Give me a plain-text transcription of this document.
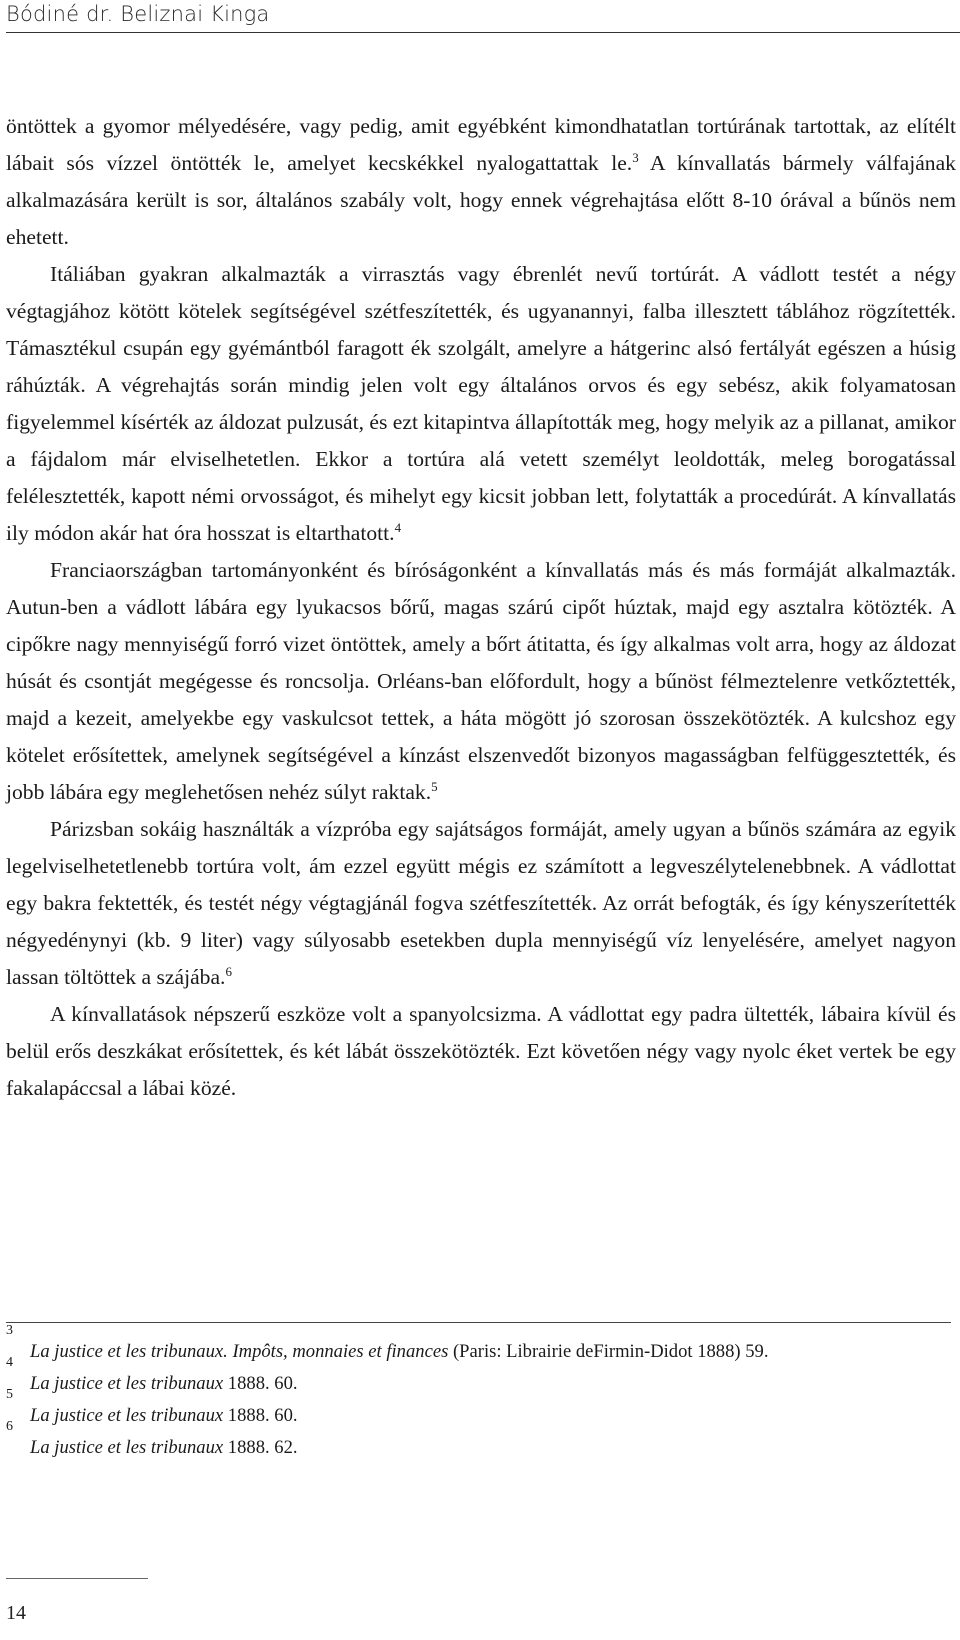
Bódiné dr. Beliznai Kinga

öntöttek a gyomor mélyedésére, vagy pedig, amit egyébként kimondhatatlan tortúrának tartottak, az elítélt lábait sós vízzel öntötték le, amelyet kecskékkel nyalogattattak le.$^3$ A kínvallatás bármely válfajának alkalmazására került is sor, általános szabály volt, hogy ennek végrehajtása előtt 8-10 órával a bűnös nem ehetett.

Itáliában gyakran alkalmazták a virrasztás vagy ébrenlét nevű tortúrát. A vádlott testét a négy végtagjához kötött kötelek segítségével szétfeszítették, és ugyanannyi, falba illesztett táblához rögzítették. Támasztékul csupán egy gyémántból faragott ék szolgált, amelyre a hátgerinc alsó fertályát egészen a húsig ráhúzták. A végrehajtás során mindig jelen volt egy általános orvos és egy sebész, akik folyamatosan figyelemmel kísérték az áldozat pulzusát, és ezt kitapintva állapították meg, hogy melyik az a pillanat, amikor a fájdalom már elviselhetetlen. Ekkor a tortúra alá vetett személyt leoldották, meleg borogatással felélesztették, kapott némi orvosságot, és mihelyt egy kicsit jobban lett, folytatták a procedúrát. A kínvallatás ily módon akár hat óra hosszat is eltarthatott.$^4$

Franciaországban tartományonként és bíróságonként a kínvallatás más és más formáját alkalmazták. Autun-ben a vádlott lábára egy lyukacsos bőrű, magas szárú cipőt húztak, majd egy asztalra kötözték. A cipőkre nagy mennyiségű forró vizet öntöttek, amely a bőrt átitatta, és így alkalmas volt arra, hogy az áldozat húsát és csontját megégesse és roncsolja. Orléans-ban előfordult, hogy a bűnöst félmeztelenre vetkőztették, majd a kezeit, amelyekbe egy vaskulcsot tettek, a háta mögött jó szorosan összekötözték. A kulcshoz egy kötelet erősítettek, amelynek segítségével a kínzást elszenvedőt bizonyos magasságban felfüggesztették, és jobb lábára egy meglehetősen nehéz súlyt raktak.$^5$

Párizsban sokáig használták a vízpróba egy sajátságos formáját, amely ugyan a bűnös számára az egyik legelviselhetetlenebb tortúra volt, ám ezzel együtt mégis ez számított a legveszélytelenebbnek. A vádlottat egy bakra fektették, és testét négy végtagjánál fogva szétfeszítették. Az orrát befogták, és így kényszerítették négyedénynyi (kb. 9 liter) vagy súlyosabb esetekben dupla mennyiségű víz lenyelésére, amelyet nagyon lassan töltöttek a szájába.$^6$

A kínvallatások népszerű eszköze volt a spanyolcsizma. A vádlottat egy padra ültették, lábaira kívül és belül erős deszkákat erősítettek, és két lábát összekötözték. Ezt követően négy vagy nyolc éket vertek be egy fakalapáccsal a lábai közé.

3
La justice et les tribunaux. Impôts, monnaies et finances (Paris: Librairie deFirmin-Didot 1888) 59.
4
La justice et les tribunaux 1888. 60.
5
La justice et les tribunaux 1888. 60.
6
La justice et les tribunaux 1888. 62.
14
